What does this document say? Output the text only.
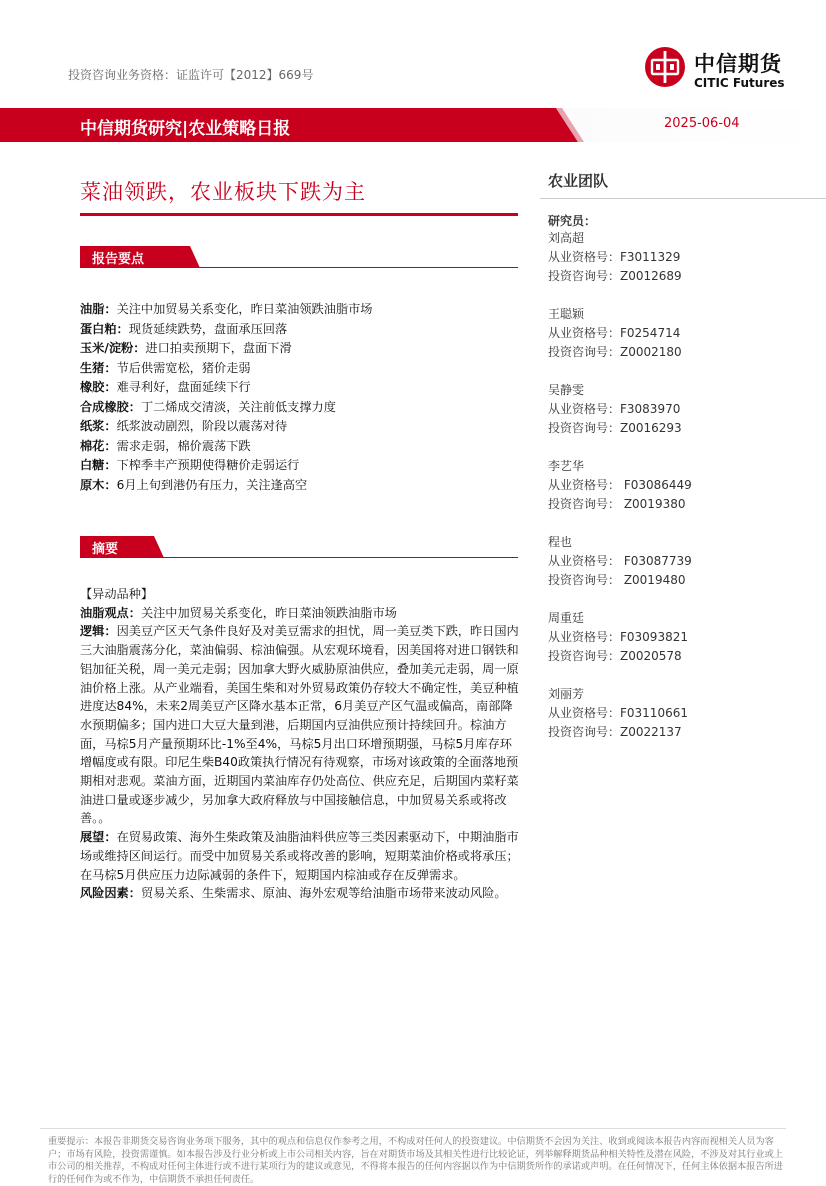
投资咨询业务资格：证监许可【2012】669号	中信期货
CITIC Futures
中信期货研究|农业策略日报	2025-06-04
菜油领跌，农业板块下跌为主
报告要点
油脂：关注中加贸易关系变化，昨日菜油领跌油脂市场
蛋白粕：现货延续跌势，盘面承压回落
玉米/淀粉：进口拍卖预期下，盘面下滑
生猪：节后供需宽松，猪价走弱
橡胶：难寻利好，盘面延续下行
合成橡胶：丁二烯成交清淡，关注前低支撑力度
纸浆：纸浆波动剧烈，阶段以震荡对待
棉花：需求走弱，棉价震荡下跌
白糖：下榨季丰产预期使得糖价走弱运行
原木：6月上旬到港仍有压力，关注逢高空
摘要

【异动品种】

油脂观点：关注中加贸易关系变化，昨日菜油领跌油脂市场

逻辑：因美豆产区天气条件良好及对美豆需求的担忧，周一美豆类下跌，昨日国内三大油脂震荡分化，菜油偏弱、棕油偏强。从宏观环境看，因美国将对进口钢铁和铝加征关税，周一美元走弱；因加拿大野火威胁原油供应，叠加美元走弱，周一原油价格上涨。从产业端看，美国生柴和对外贸易政策仍存较大不确定性，美豆种植进度达84%，未来2周美豆产区降水基本正常，6月美豆产区气温或偏高，南部降水预期偏多；国内进口大豆大量到港，后期国内豆油供应预计持续回升。棕油方面，马棕5月产量预期环比-1%至4%，马棕5月出口环增预期强，马棕5月库存环增幅度或有限。印尼生柴B40政策执行情况有待观察，市场对该政策的全面落地预期相对悲观。菜油方面，近期国内菜油库存仍处高位、供应充足，后期国内菜籽菜油进口量或逐步减少，另加拿大政府释放与中国接触信息，中加贸易关系或将改善。。

展望：在贸易政策、海外生柴政策及油脂油料供应等三类因素驱动下，中期油脂市场或维持区间运行。而受中加贸易关系或将改善的影响，短期菜油价格或将承压；在马棕5月供应压力边际减弱的条件下，短期国内棕油或存在反弹需求。

风险因素：贸易关系、生柴需求、原油、海外宏观等给油脂市场带来波动风险。

农业团队
研究员：
刘高超
从业资格号：F3011329
投资咨询号：Z0012689
王聪颖
从业资格号：F0254714
投资咨询号：Z0002180
吴静雯
从业资格号：F3083970
投资咨询号：Z0016293
李艺华
从业资格号： F03086449
投资咨询号： Z0019380
程也
从业资格号： F03087739
投资咨询号： Z0019480
周重廷
从业资格号：F03093821
投资咨询号：Z0020578
刘丽芳
从业资格号：F03110661
投资咨询号：Z0022137
重要提示：本报告非期货交易咨询业务项下服务，其中的观点和信息仅作参考之用，不构成对任何人的投资建议。中信期货不会因为关注、收到或阅读本报告内容而视相关人员为客户；市场有风险，投资需谨慎。如本报告涉及行业分析或上市公司相关内容，旨在对期货市场及其相关性进行比较论证，列举解释期货品种相关特性及潜在风险，不涉及对其行业或上市公司的相关推荐，不构成对任何主体进行或不进行某项行为的建议或意见，不得将本报告的任何内容据以作为中信期货所作的承诺或声明。在任何情况下，任何主体依据本报告所进行的任何作为或不作为，中信期货不承担任何责任。
